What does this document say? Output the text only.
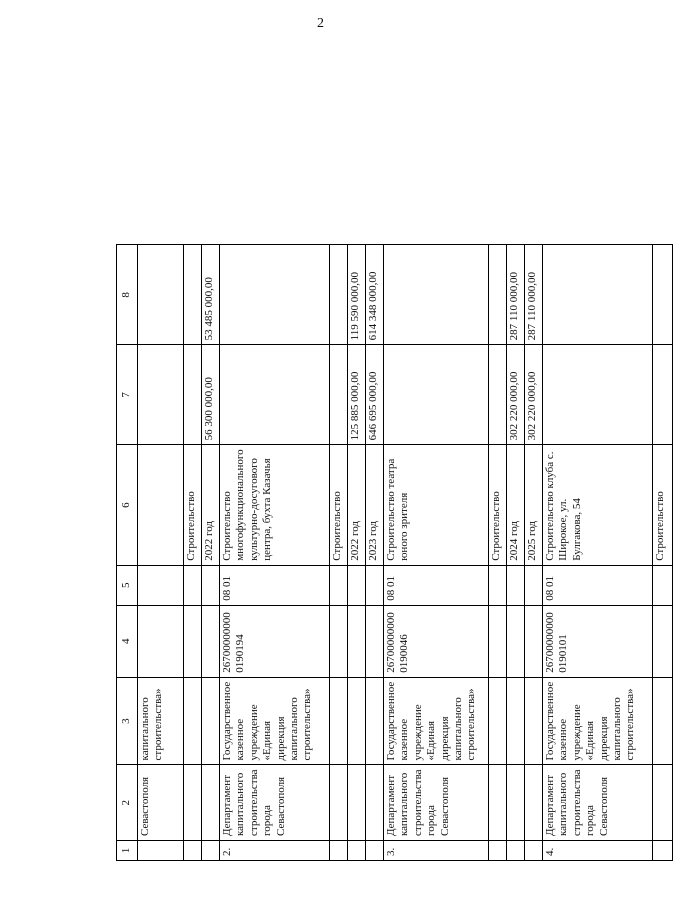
2
1	2	3	4	5	6	7	8
	Севастополя	капитального строительства»					
					Строительство		
					2022 год	56 300 000,00	53 485 000,00
2.	Департамент капитального строительства города Севастополя	Государственное казенное учреждение «Единая дирекция капитального строительства»	26700000000 0190194	08 01	Строительство многофункционального культурно-досугового центра, бухта Казачья		
					Строительство		
					2022 год	125 885 000,00	119 590 000,00
					2023 год	646 695 000,00	614 348 000,00
3.	Департамент капитального строительства города Севастополя	Государственное казенное учреждение «Единая дирекция капитального строительства»	26700000000 0190046	08 01	Строительство театра юного зрителя		
					Строительство		
					2024 год	302 220 000,00	287 110 000,00
					2025 год	302 220 000,00	287 110 000,00
4.	Департамент капитального строительства города Севастополя	Государственное казенное учреждение «Единая дирекция капитального строительства»	26700000000 0190101	08 01	Строительство клуба с. Широкое, ул. Булгакова, 54		
					Строительство		
